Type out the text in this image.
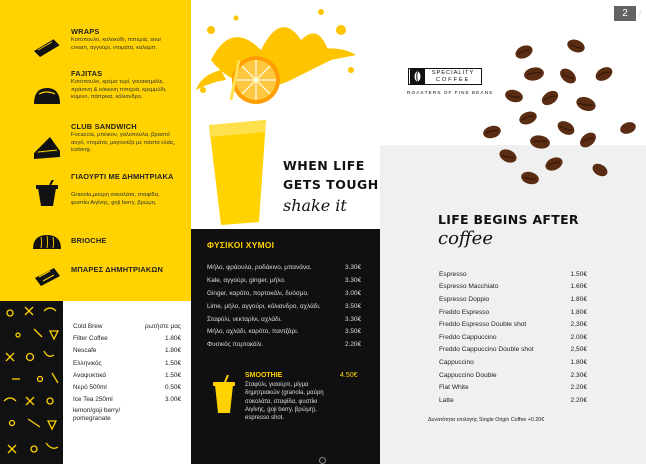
WRAPS
Κοτόπουλο, κολοκύθι, πιπεριά, sour cream, αγγούρι, ντομάτα, καλαμπ.
FAJITAS
Κοτόπουλο, κρέμα τυρί, γουακαμόλε, πράσινη & κόκκινη πιπεριά, κρεμμύδι, κύμινο, πάπρικα, κόλιανδρο.
CLUB SANDWICH
Focaccia, μπέικον, γαλοπούλα, βραστό αυγό, ντομάτα, μαγιονέζα με πάστα ελιάς, iceberg.
ΓΙΑΟΥΡΤΙ ΜΕ ΔΗΜΗΤΡΙΑΚΑ
Granola,μαύρη σοκολάτα, σταφίδα, φυστίκι Αιγίνης, goji berry, βρώμη.
BRIOCHE
ΜΠΑΡΕΣ ΔΗΜΗΤΡΙΑΚΩΝ
Cold Brew	ρωτήστε μας
Filter Coffee	1.80€
Nescafe	1.80€
Ελληνικός	1.50€
Αναψυκτικά	1.50€
Νερό 500ml	0.50€
Ice Tea 250ml	3.00€
lemon/goji berry/
pomegranate
WHEN LIFE
GETS TOUGH
shake it
ΦΥΣΙΚΟΙ ΧΥΜΟΙ
Μήλο, φράουλα, ροδάκινο, μπανάνα.	3.30€
Kale, αγγούρι, ginger, μήλο.	3.30€
Ginger, καρότο, πορτοκάλι, δυόσμο.	3.00€
Lime, μήλο, αγγούρι, κόλιανδρο, αχλάδι.	3.50€
Σταφύλι, νεκταρίνι, αχλάδι.	3.30€
Μήλο, αχλάδι, καρότο, παντζάρι.	3.50€
Φυσικός πορτοκάλι.	2.20€
SMOOTHIE	4.50€
Σταφύλι, γιαούρτι, μίγμα δημητριακών (granola, μαύρη σοκολάτα, σταφίδα, φυστίκι Αιγίνης, goji berry, βρώμη), espresso shot.
SPECIALITY
COFFEE
ROASTERS OF FINE BEANS
LIFE BEGINS AFTER
coffee
Espresso	1.50€
Espresso Macchiato	1.60€
Espresso Doppio	1.80€
Freddo Espresso	1.80€
Freddo Espresso Double shot	2,30€
Freddo Cappuccino	2.00€
Freddo Cappuccino Double shot	2,50€
Cappuccino	1.80€
Cappuccino Double	2.30€
Flat White	2.20€
Latte	2.20€
Δυνατότητα επιλογής Single Origin Coffee +0.20€
2 /
